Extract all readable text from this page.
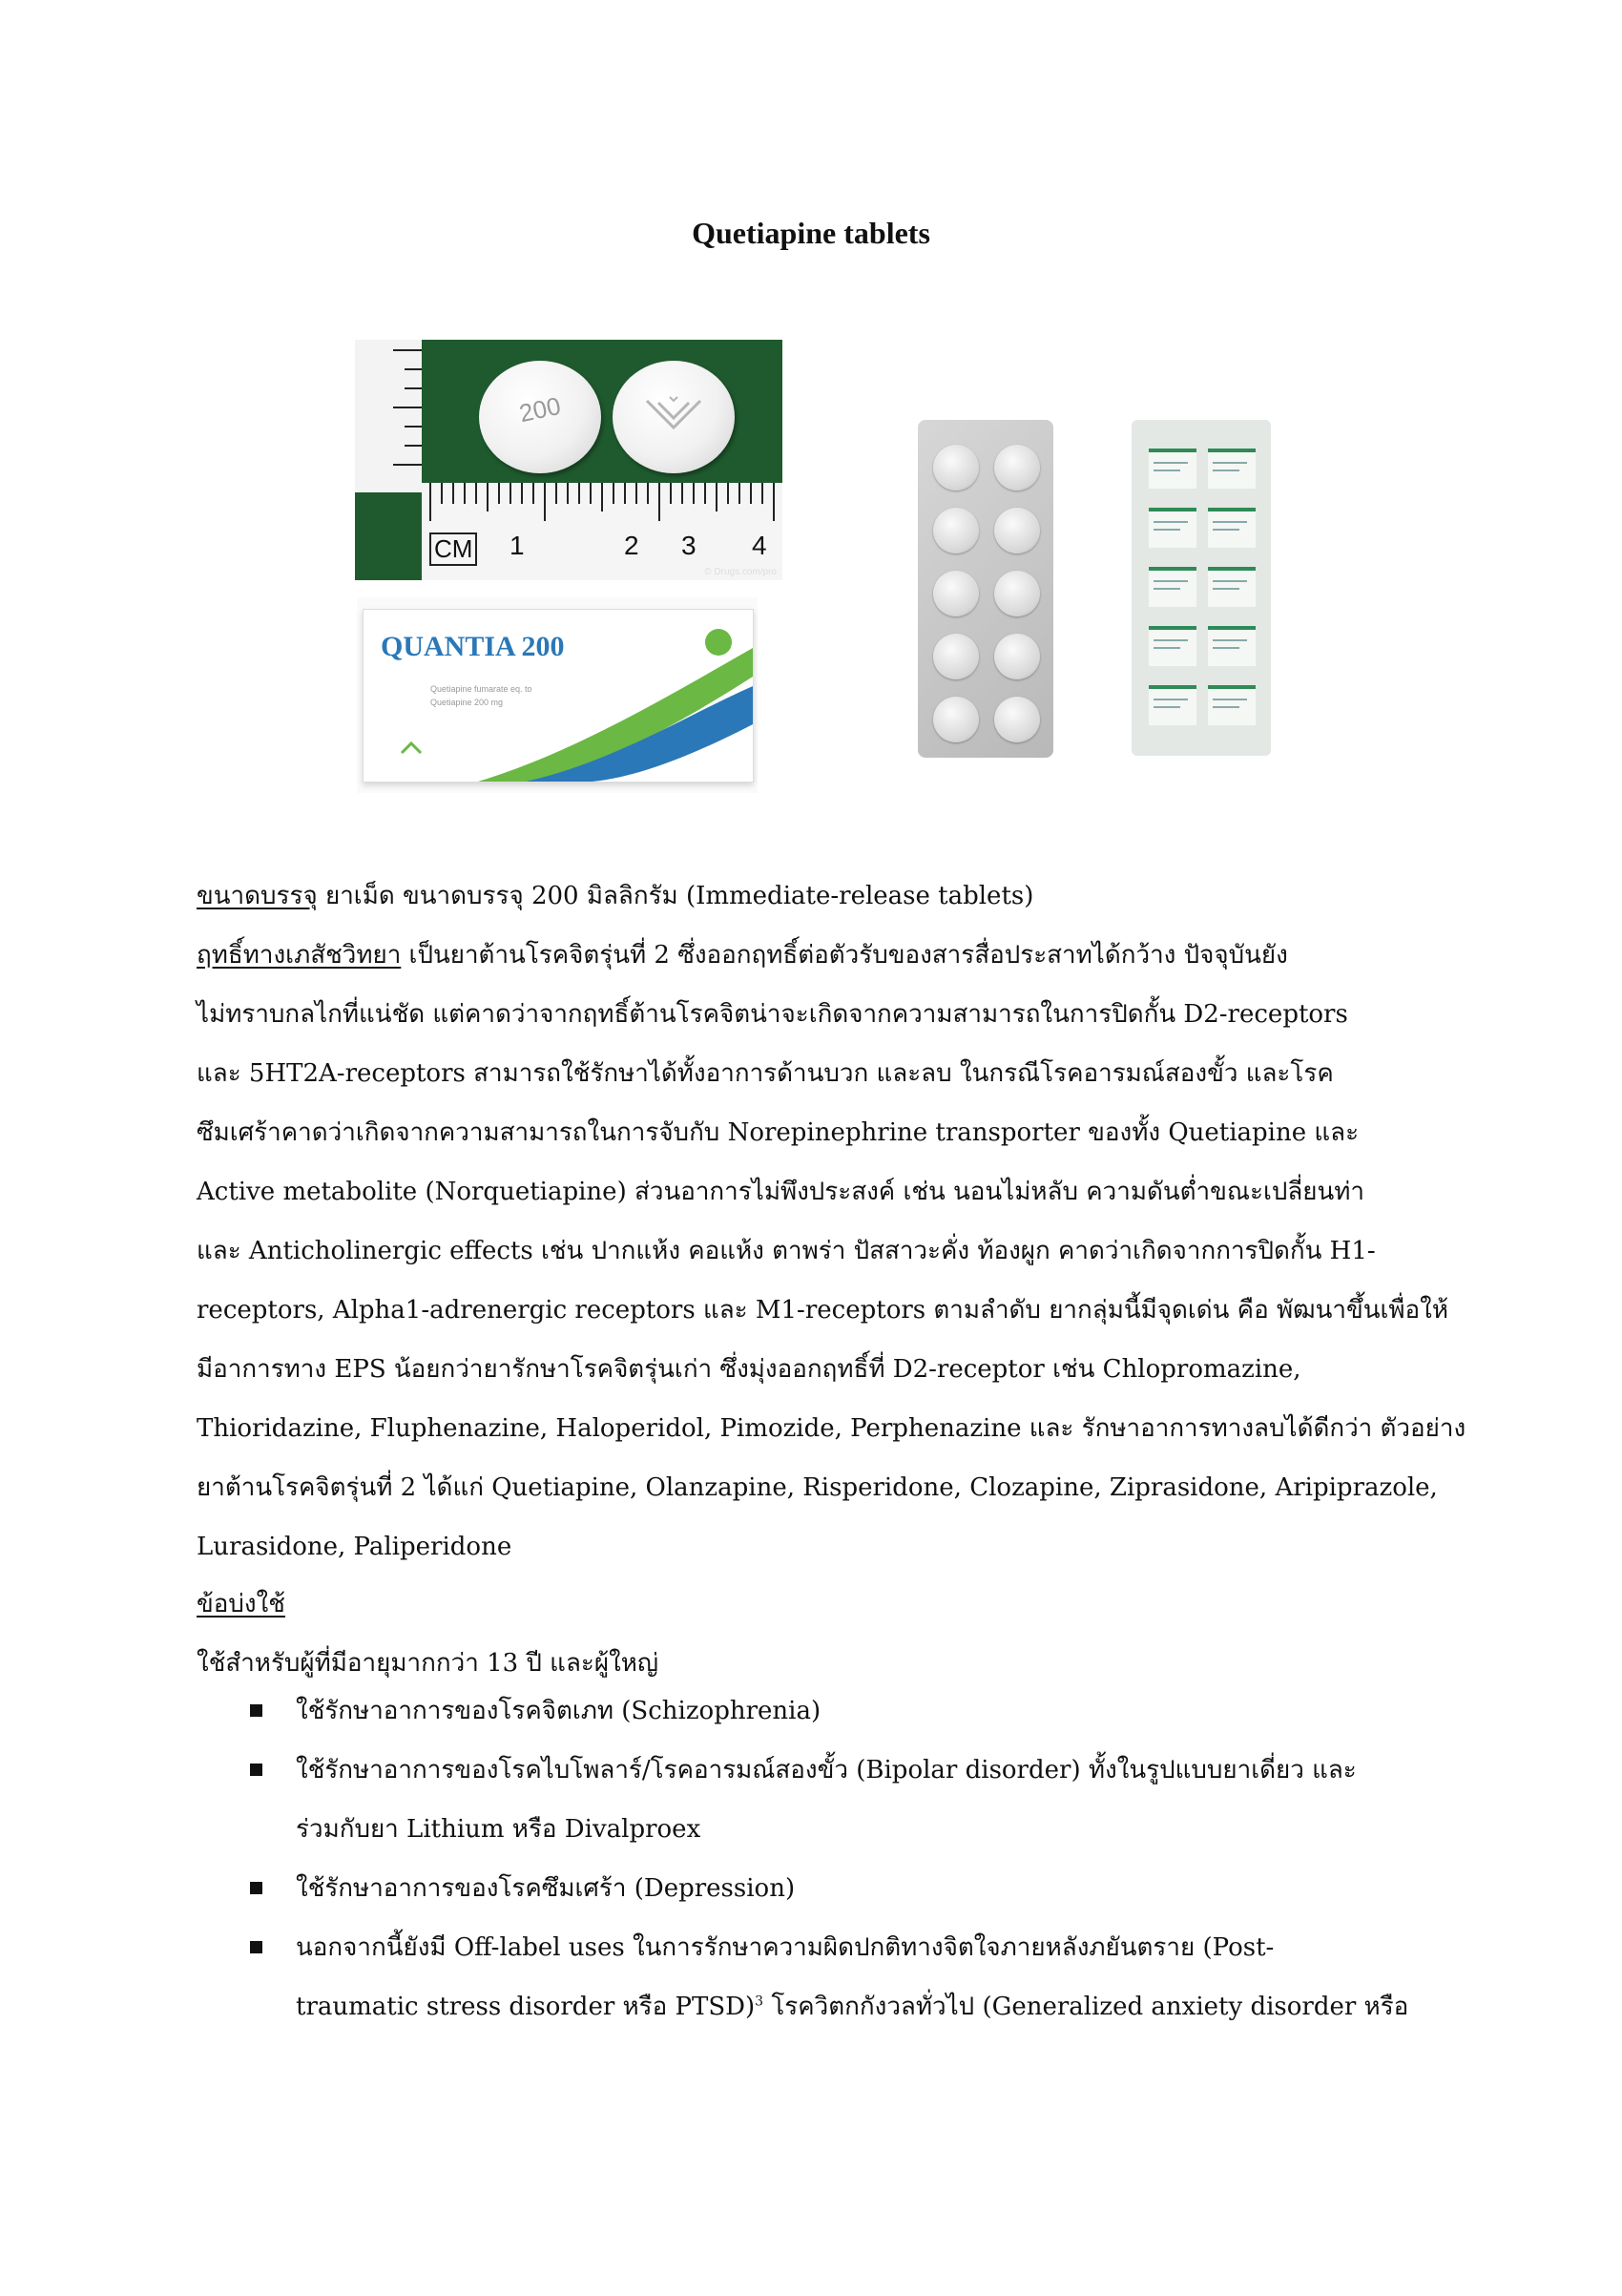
Quetiapine tablets
200
CM 1	2 3 4
© Drugs.com/pro
QUANTIA 200
Quetiapine fumarate eq. to
Quetiapine 200 mg
ขนาดบรรจุ ยาเม็ด ขนาดบรรจุ 200 มิลลิกรัม (Immediate-release tablets)
ฤทธิ์ทางเภสัชวิทยา เป็นยาต้านโรคจิตรุ่นที่ 2 ซึ่งออกฤทธิ์ต่อตัวรับของสารสื่อประสาทได้กว้าง ปัจจุบันยัง
ไม่ทราบกลไกที่แน่ชัด แต่คาดว่าจากฤทธิ์ต้านโรคจิตน่าจะเกิดจากความสามารถในการปิดกั้น D2-receptors
และ 5HT2A-receptors สามารถใช้รักษาได้ทั้งอาการด้านบวก และลบ ในกรณีโรคอารมณ์สองขั้ว และโรค
ซึมเศร้าคาดว่าเกิดจากความสามารถในการจับกับ Norepinephrine transporter ของทั้ง Quetiapine และ
Active metabolite (Norquetiapine) ส่วนอาการไม่พึงประสงค์ เช่น นอนไม่หลับ ความดันต่ำขณะเปลี่ยนท่า
และ Anticholinergic effects เช่น ปากแห้ง คอแห้ง ตาพร่า ปัสสาวะคั่ง ท้องผูก คาดว่าเกิดจากการปิดกั้น H1-
receptors, Alpha1-adrenergic receptors และ M1-receptors ตามลำดับ ยากลุ่มนี้มีจุดเด่น คือ พัฒนาขึ้นเพื่อให้
มีอาการทาง EPS น้อยกว่ายารักษาโรคจิตรุ่นเก่า ซึ่งมุ่งออกฤทธิ์ที่ D2-receptor เช่น Chlopromazine,
Thioridazine, Fluphenazine, Haloperidol, Pimozide, Perphenazine และ รักษาอาการทางลบได้ดีกว่า ตัวอย่าง
ยาต้านโรคจิตรุ่นที่ 2 ได้แก่ Quetiapine, Olanzapine, Risperidone, Clozapine, Ziprasidone, Aripiprazole,
Lurasidone, Paliperidone
ข้อบ่งใช้
ใช้สำหรับผู้ที่มีอายุมากกว่า 13 ปี และผู้ใหญ่
ใช้รักษาอาการของโรคจิตเภท (Schizophrenia)
ใช้รักษาอาการของโรคไบโพลาร์/โรคอารมณ์สองขั้ว (Bipolar disorder) ทั้งในรูปแบบยาเดี่ยว และ
ร่วมกับยา Lithium หรือ Divalproex
ใช้รักษาอาการของโรคซึมเศร้า (Depression)
นอกจากนี้ยังมี Off-label uses ในการรักษาความผิดปกติทางจิตใจภายหลังภยันตราย (Post-
traumatic stress disorder หรือ PTSD)$^3$ โรควิตกกังวลทั่วไป (Generalized anxiety disorder หรือ
